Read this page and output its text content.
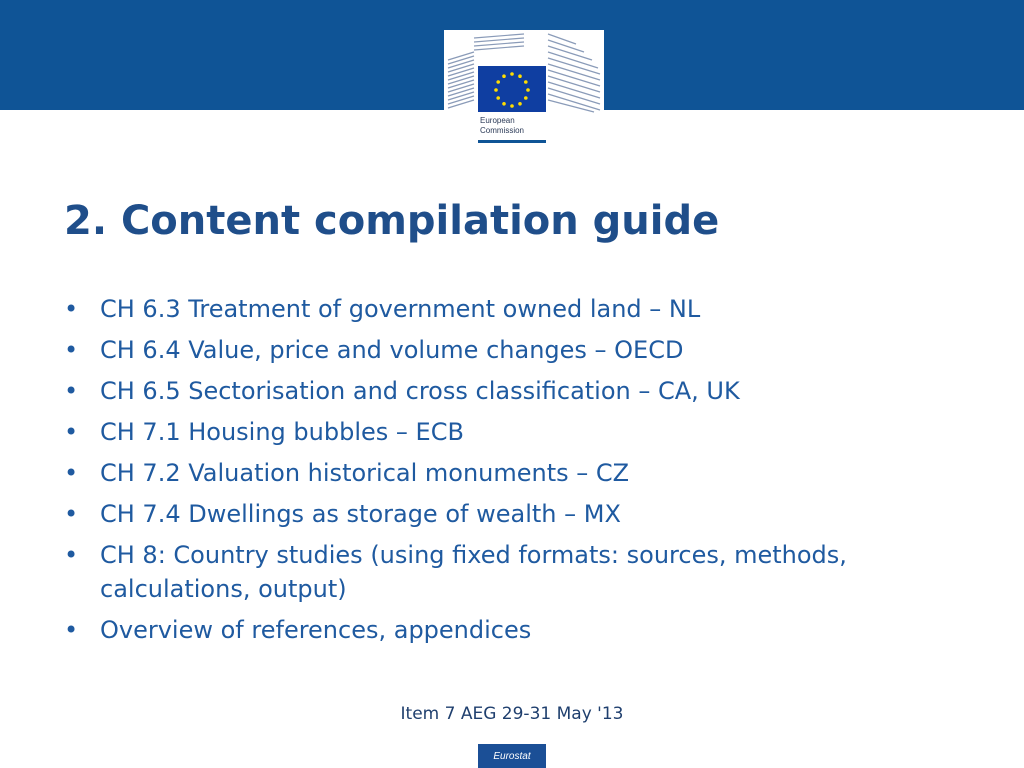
European
Commission
2. Content compilation guide
• CH 6.3 Treatment of government owned land – NL
• CH 6.4 Value, price and volume changes – OECD
• CH 6.5 Sectorisation and cross classification – CA, UK
• CH 7.1 Housing bubbles – ECB
• CH 7.2 Valuation historical monuments – CZ
• CH 7.4 Dwellings as storage of wealth – MX
• CH 8: Country studies (using fixed formats: sources, methods, calculations, output)
• Overview of references, appendices
Item 7 AEG 29-31 May '13
Eurostat
